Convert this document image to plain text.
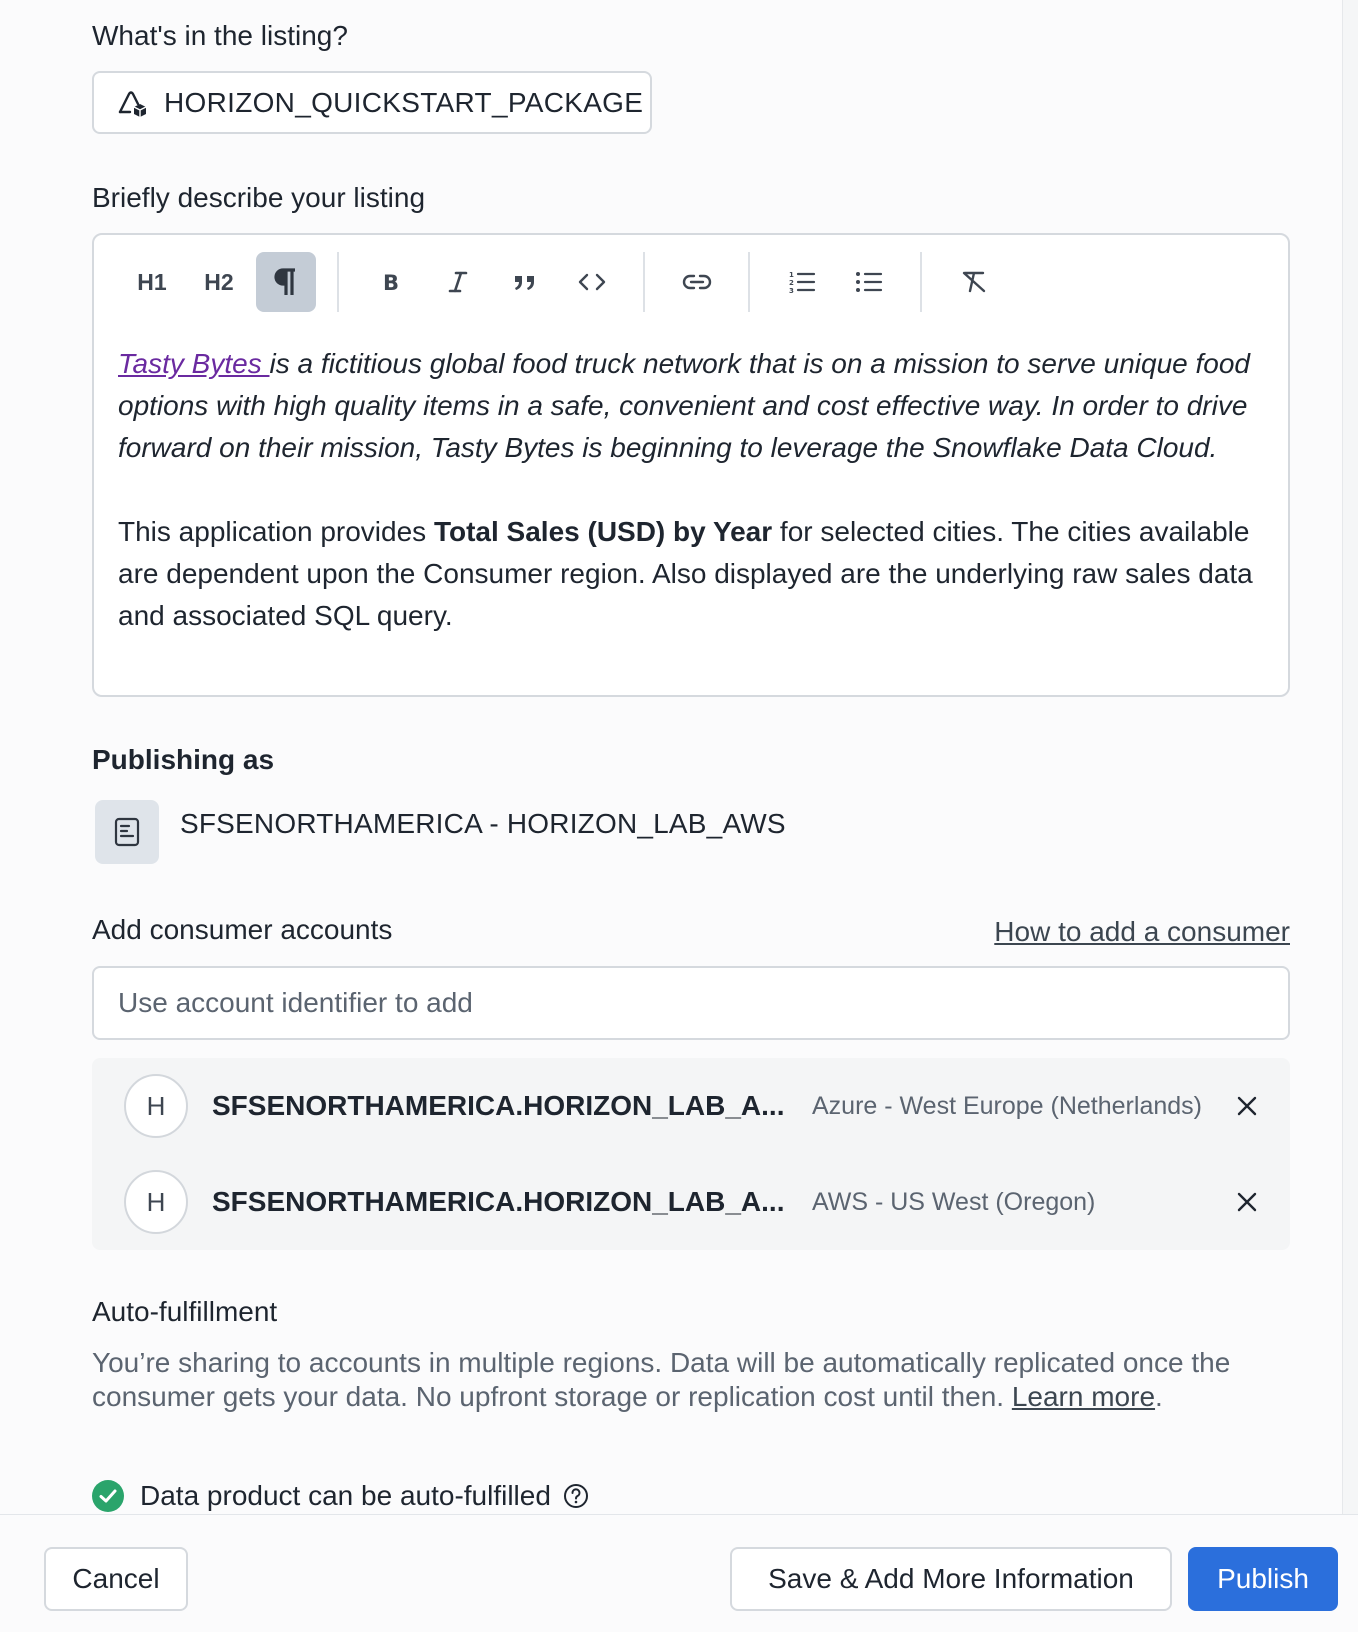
What's in the listing?
HORIZON_QUICKSTART_PACKAGE
Briefly describe your listing
H1	H2	B	1
2
3

Tasty Bytes is a fictitious global food truck network that is on a mission to serve unique food options with high quality items in a safe, convenient and cost effective way. In order to drive forward on their mission, Tasty Bytes is beginning to leverage the Snowflake Data Cloud.

This application provides Total Sales (USD) by Year for selected cities. The cities available are dependent upon the Consumer region. Also displayed are the underlying raw sales data and associated SQL query.

Publishing as
SFSENORTHAMERICA - HORIZON_LAB_AWS
Add consumer accounts	How to add a consumer
Use account identifier to add
H	SFSENORTHAMERICA.HORIZON_LAB_A... Azure - West Europe (Netherlands)
H	SFSENORTHAMERICA.HORIZON_LAB_A... AWS - US West (Oregon)
Auto-fulfillment
You’re sharing to accounts in multiple regions. Data will be automatically replicated once the consumer gets your data. No upfront storage or replication cost until then. Learn more.
Data product can be auto-fulfilled
Cancel	Save & Add More Information	Publish
